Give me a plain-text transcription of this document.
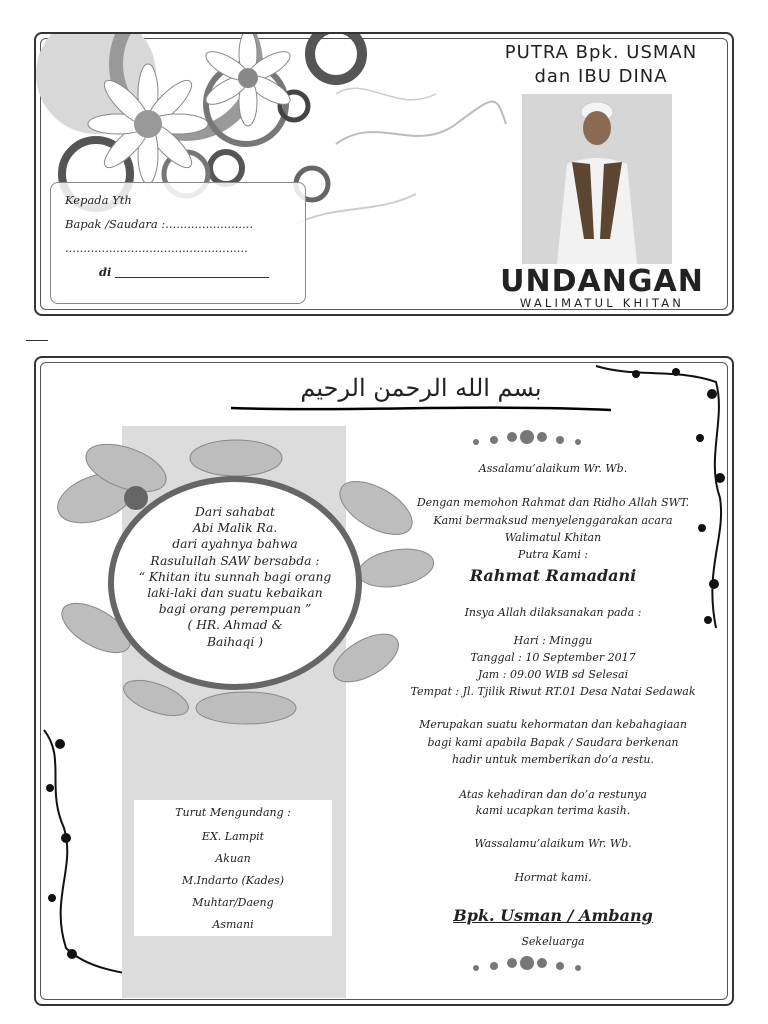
PUTRA Bpk. USMAN
dan IBU DINA
UNDANGAN
WALIMATUL KHITAN
Kepada Yth
Bapak /Saudara :........................
..................................................
di
بسم الله الرحمن الرحيم
Dari sahabat
Abi Malik Ra.
dari ayahnya bahwa
Rasulullah SAW bersabda :
“ Khitan itu sunnah bagi orang
laki-laki dan suatu kebaikan
bagi orang perempuan ”
( HR. Ahmad &
Baihaqi )
Turut Mengundang :
EX. Lampit
Akuan
M.Indarto (Kades)
Muhtar/Daeng
Asmani
Assalamu’alaikum Wr. Wb.
Dengan memohon Rahmat dan Ridho Allah SWT.
Kami bermaksud menyelenggarakan acara
Walimatul Khitan
Putra Kami :
Rahmat Ramadani
Insya Allah dilaksanakan pada :
Hari : Minggu
Tanggal : 10 September 2017
Jam : 09.00 WIB sd Selesai
Tempat : Jl. Tjilik Riwut RT.01 Desa Natai Sedawak
Merupakan suatu kehormatan dan kebahagiaan
bagi kami apabila Bapak / Saudara berkenan
hadir untuk memberikan do’a restu.
Atas kehadiran dan do’a restunya
kami ucapkan terima kasih.
Wassalamu’alaikum Wr. Wb.
Hormat kami.
Bpk. Usman / Ambang
Sekeluarga
